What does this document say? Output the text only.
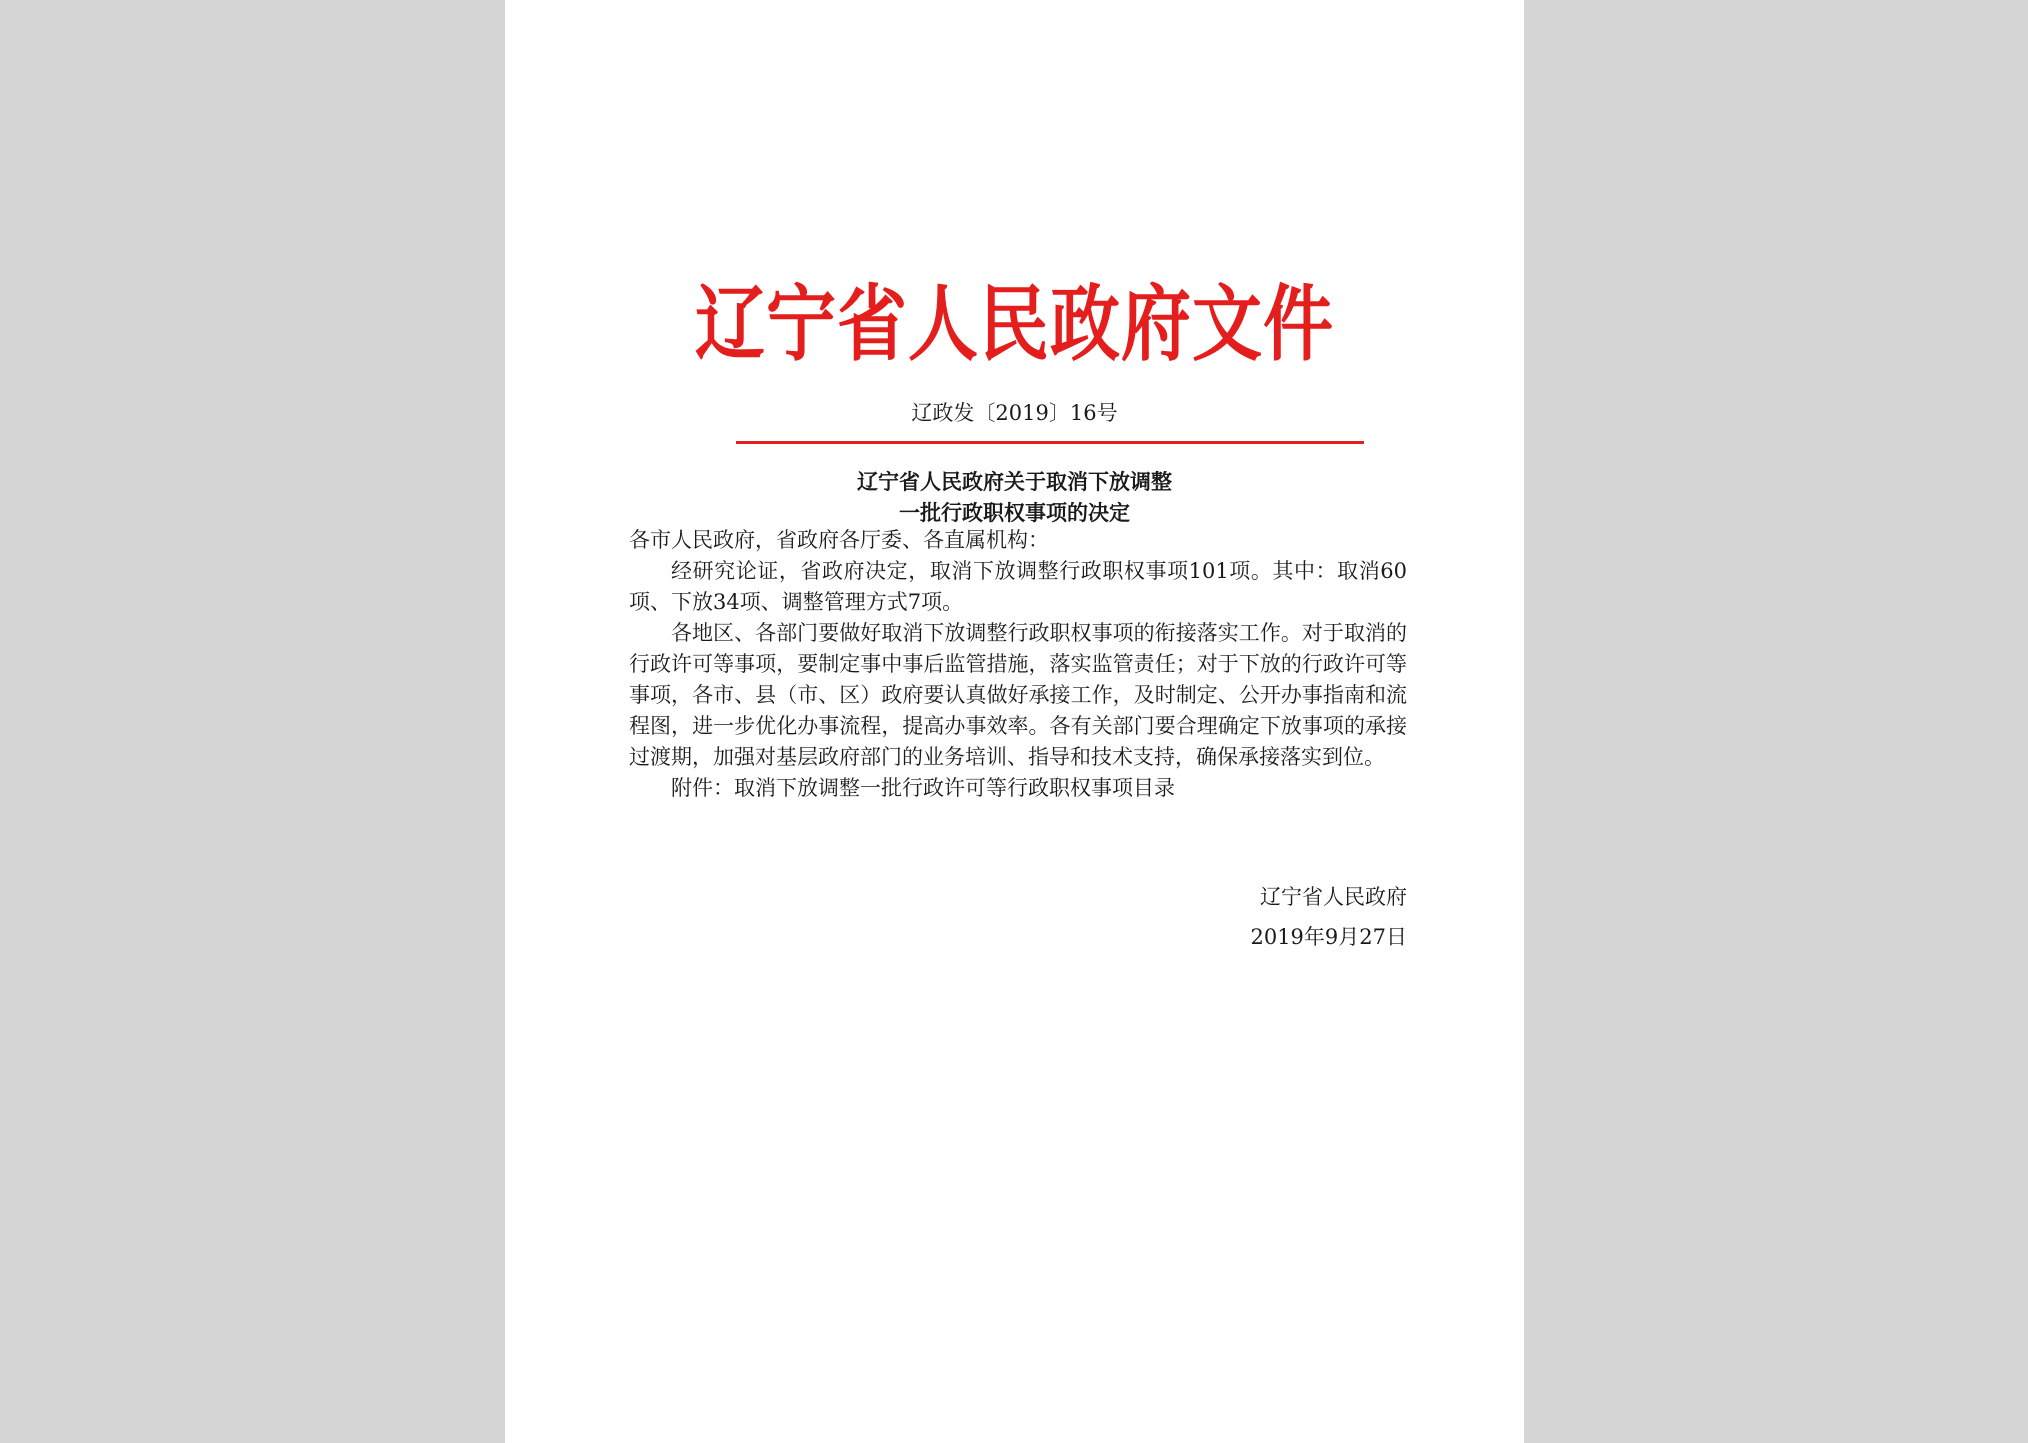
辽宁省人民政府文件
辽政发〔2019〕16号
辽宁省人民政府关于取消下放调整
一批行政职权事项的决定

各市人民政府，省政府各厅委、各直属机构：

经研究论证，省政府决定，取消下放调整行政职权事项101项。其中：取消60项、下放34项、调整管理方式7项。

各地区、各部门要做好取消下放调整行政职权事项的衔接落实工作。对于取消的行政许可等事项，要制定事中事后监管措施，落实监管责任；对于下放的行政许可等事项，各市、县（市、区）政府要认真做好承接工作，及时制定、公开办事指南和流程图，进一步优化办事流程，提高办事效率。各有关部门要合理确定下放事项的承接过渡期，加强对基层政府部门的业务培训、指导和技术支持，确保承接落实到位。

附件：取消下放调整一批行政许可等行政职权事项目录

辽宁省人民政府
2019年9月27日
